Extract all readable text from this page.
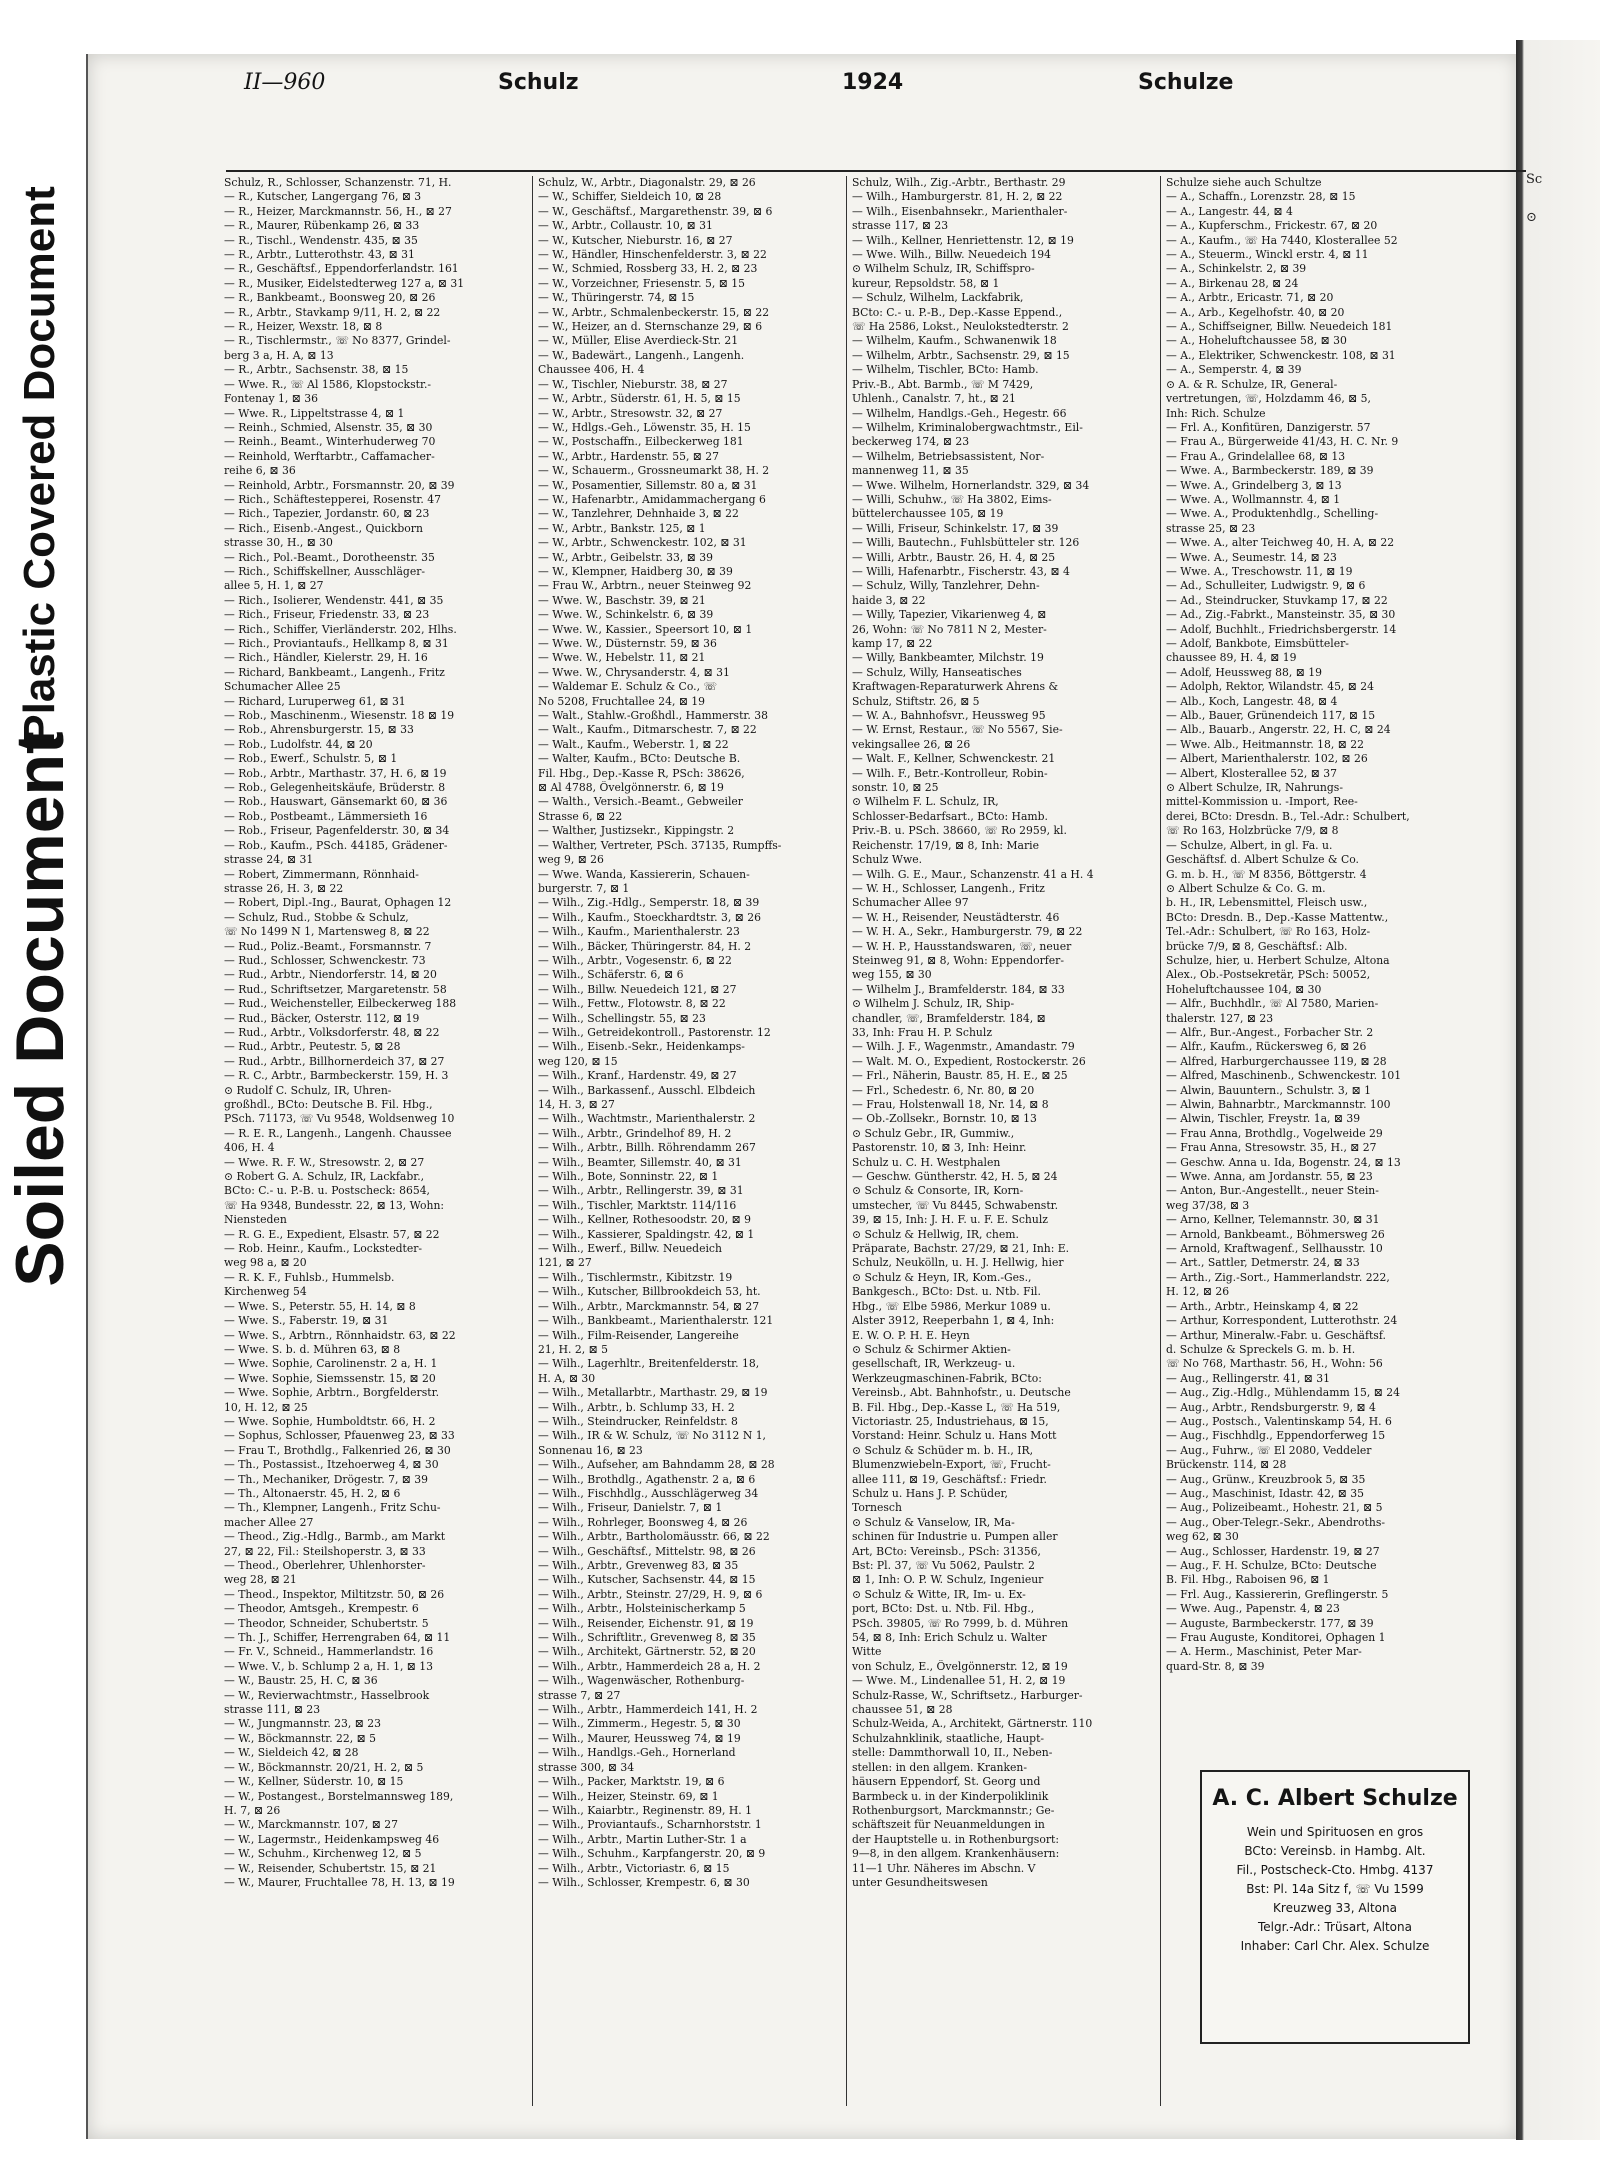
Plastic Covered Document
Soiled Document
Sc
⊙
II—960	Schulz	1924	Schulze
Schulz, R., Schlosser, Schanzenstr. 71, H.
— R., Kutscher, Langergang 76, ⊠ 3
— R., Heizer, Marckmannstr. 56, H., ⊠ 27
— R., Maurer, Rübenkamp 26, ⊠ 33
— R., Tischl., Wendenstr. 435, ⊠ 35
— R., Arbtr., Lutterothstr. 43, ⊠ 31
— R., Geschäftsf., Eppendorferlandstr. 161
— R., Musiker, Eidelstedterweg 127 a, ⊠ 31
— R., Bankbeamt., Boonsweg 20, ⊠ 26
— R., Arbtr., Stavkamp 9/11, H. 2, ⊠ 22
— R., Heizer, Wexstr. 18, ⊠ 8
— R., Tischlermstr., ☏ No 8377, Grindel-
berg 3 a, H. A, ⊠ 13
— R., Arbtr., Sachsenstr. 38, ⊠ 15
— Wwe. R., ☏ Al 1586, Klopstockstr.-
Fontenay 1, ⊠ 36
— Wwe. R., Lippeltstrasse 4, ⊠ 1
— Reinh., Schmied, Alsenstr. 35, ⊠ 30
— Reinh., Beamt., Winterhuderweg 70
— Reinhold, Werftarbtr., Caffamacher-
reihe 6, ⊠ 36
— Reinhold, Arbtr., Forsmannstr. 20, ⊠ 39
— Rich., Schäftestepperei, Rosenstr. 47
— Rich., Tapezier, Jordanstr. 60, ⊠ 23
— Rich., Eisenb.-Angest., Quickborn
strasse 30, H., ⊠ 30
— Rich., Pol.-Beamt., Dorotheenstr. 35
— Rich., Schiffskellner, Ausschläger-
allee 5, H. 1, ⊠ 27
— Rich., Isolierer, Wendenstr. 441, ⊠ 35
— Rich., Friseur, Friedenstr. 33, ⊠ 23
— Rich., Schiffer, Vierländerstr. 202, Hlhs.
— Rich., Proviantaufs., Hellkamp 8, ⊠ 31
— Rich., Händler, Kielerstr. 29, H. 16
— Richard, Bankbeamt., Langenh., Fritz
Schumacher Allee 25
— Richard, Luruperweg 61, ⊠ 31
— Rob., Maschinenm., Wiesenstr. 18 ⊠ 19
— Rob., Ahrensburgerstr. 15, ⊠ 33
— Rob., Ludolfstr. 44, ⊠ 20
— Rob., Ewerf., Schulstr. 5, ⊠ 1
— Rob., Arbtr., Marthastr. 37, H. 6, ⊠ 19
— Rob., Gelegenheitskäufe, Brüderstr. 8
— Rob., Hauswart, Gänsemarkt 60, ⊠ 36
— Rob., Postbeamt., Lämmersieth 16
— Rob., Friseur, Pagenfelderstr. 30, ⊠ 34
— Rob., Kaufm., PSch. 44185, Grädener-
strasse 24, ⊠ 31
— Robert, Zimmermann, Rönnhaid-
strasse 26, H. 3, ⊠ 22
— Robert, Dipl.-Ing., Baurat, Ophagen 12
— Schulz, Rud., Stobbe & Schulz,
☏ No 1499 N 1, Martensweg 8, ⊠ 22
— Rud., Poliz.-Beamt., Forsmannstr. 7
— Rud., Schlosser, Schwenckestr. 73
— Rud., Arbtr., Niendorferstr. 14, ⊠ 20
— Rud., Schriftsetzer, Margaretenstr. 58
— Rud., Weichensteller, Eilbeckerweg 188
— Rud., Bäcker, Osterstr. 112, ⊠ 19
— Rud., Arbtr., Volksdorferstr. 48, ⊠ 22
— Rud., Arbtr., Peutestr. 5, ⊠ 28
— Rud., Arbtr., Billhornerdeich 37, ⊠ 27
— R. C., Arbtr., Barmbeckerstr. 159, H. 3
⊙ Rudolf C. Schulz, IR, Uhren-
großhdl., BCto: Deutsche B. Fil. Hbg.,
PSch. 71173, ☏ Vu 9548, Woldsenweg 10
— R. E. R., Langenh., Langenh. Chaussee
406, H. 4
— Wwe. R. F. W., Stresowstr. 2, ⊠ 27
⊙ Robert G. A. Schulz, IR, Lackfabr.,
BCto: C.- u. P.-B. u. Postscheck: 8654,
☏ Ha 9348, Bundesstr. 22, ⊠ 13, Wohn:
Niensteden
— R. G. E., Expedient, Elsastr. 57, ⊠ 22
— Rob. Heinr., Kaufm., Lockstedter-
weg 98 a, ⊠ 20
— R. K. F., Fuhlsb., Hummelsb.
Kirchenweg 54
— Wwe. S., Peterstr. 55, H. 14, ⊠ 8
— Wwe. S., Faberstr. 19, ⊠ 31
— Wwe. S., Arbtrn., Rönnhaidstr. 63, ⊠ 22
— Wwe. S. b. d. Mühren 63, ⊠ 8
— Wwe. Sophie, Carolinenstr. 2 a, H. 1
— Wwe. Sophie, Siemssenstr. 15, ⊠ 20
— Wwe. Sophie, Arbtrn., Borgfelderstr.
10, H. 12, ⊠ 25
— Wwe. Sophie, Humboldtstr. 66, H. 2
— Sophus, Schlosser, Pfauenweg 23, ⊠ 33
— Frau T., Brothdlg., Falkenried 26, ⊠ 30
— Th., Postassist., Itzehoerweg 4, ⊠ 30
— Th., Mechaniker, Drögestr. 7, ⊠ 39
— Th., Altonaerstr. 45, H. 2, ⊠ 6
— Th., Klempner, Langenh., Fritz Schu-
macher Allee 27
— Theod., Zig.-Hdlg., Barmb., am Markt
27, ⊠ 22, Fil.: Steilshoperstr. 3, ⊠ 33
— Theod., Oberlehrer, Uhlenhorster-
weg 28, ⊠ 21
— Theod., Inspektor, Miltitzstr. 50, ⊠ 26
— Theodor, Amtsgeh., Krempestr. 6
— Theodor, Schneider, Schubertstr. 5
— Th. J., Schiffer, Herrengraben 64, ⊠ 11
— Fr. V., Schneid., Hammerlandstr. 16
— Wwe. V., b. Schlump 2 a, H. 1, ⊠ 13
— W., Baustr. 25, H. C, ⊠ 36
— W., Revierwachtmstr., Hasselbrook
strasse 111, ⊠ 23
— W., Jungmannstr. 23, ⊠ 23
— W., Böckmannstr. 22, ⊠ 5
— W., Sieldeich 42, ⊠ 28
— W., Böckmannstr. 20/21, H. 2, ⊠ 5
— W., Kellner, Süderstr. 10, ⊠ 15
— W., Postangest., Borstelmannsweg 189,
H. 7, ⊠ 26
— W., Marckmannstr. 107, ⊠ 27
— W., Lagermstr., Heidenkampsweg 46
— W., Schuhm., Kirchenweg 12, ⊠ 5
— W., Reisender, Schubertstr. 15, ⊠ 21
— W., Maurer, Fruchtallee 78, H. 13, ⊠ 19
Schulz, W., Arbtr., Diagonalstr. 29, ⊠ 26
— W., Schiffer, Sieldeich 10, ⊠ 28
— W., Geschäftsf., Margarethenstr. 39, ⊠ 6
— W., Arbtr., Collaustr. 10, ⊠ 31
— W., Kutscher, Nieburstr. 16, ⊠ 27
— W., Händler, Hinschenfelderstr. 3, ⊠ 22
— W., Schmied, Rossberg 33, H. 2, ⊠ 23
— W., Vorzeichner, Friesenstr. 5, ⊠ 15
— W., Thüringerstr. 74, ⊠ 15
— W., Arbtr., Schmalenbeckerstr. 15, ⊠ 22
— W., Heizer, an d. Sternschanze 29, ⊠ 6
— W., Müller, Elise Averdieck-Str. 21
— W., Badewärt., Langenh., Langenh.
Chaussee 406, H. 4
— W., Tischler, Nieburstr. 38, ⊠ 27
— W., Arbtr., Süderstr. 61, H. 5, ⊠ 15
— W., Arbtr., Stresowstr. 32, ⊠ 27
— W., Hdlgs.-Geh., Löwenstr. 35, H. 15
— W., Postschaffn., Eilbeckerweg 181
— W., Arbtr., Hardenstr. 55, ⊠ 27
— W., Schauerm., Grossneumarkt 38, H. 2
— W., Posamentier, Sillemstr. 80 a, ⊠ 31
— W., Hafenarbtr., Amidammachergang 6
— W., Tanzlehrer, Dehnhaide 3, ⊠ 22
— W., Arbtr., Bankstr. 125, ⊠ 1
— W., Arbtr., Schwenckestr. 102, ⊠ 31
— W., Arbtr., Geibelstr. 33, ⊠ 39
— W., Klempner, Haidberg 30, ⊠ 39
— Frau W., Arbtrn., neuer Steinweg 92
— Wwe. W., Baschstr. 39, ⊠ 21
— Wwe. W., Schinkelstr. 6, ⊠ 39
— Wwe. W., Kassier., Speersort 10, ⊠ 1
— Wwe. W., Düsternstr. 59, ⊠ 36
— Wwe. W., Hebelstr. 11, ⊠ 21
— Wwe. W., Chrysanderstr. 4, ⊠ 31
— Waldemar E. Schulz & Co., ☏
No 5208, Fruchtallee 24, ⊠ 19
— Walt., Stahlw.-Großhdl., Hammerstr. 38
— Walt., Kaufm., Ditmarschestr. 7, ⊠ 22
— Walt., Kaufm., Weberstr. 1, ⊠ 22
— Walter, Kaufm., BCto: Deutsche B.
Fil. Hbg., Dep.-Kasse R, PSch: 38626,
⊠ Al 4788, Övelgönnerstr. 6, ⊠ 19
— Walth., Versich.-Beamt., Gebweiler
Strasse 6, ⊠ 22
— Walther, Justizsekr., Kippingstr. 2
— Walther, Vertreter, PSch. 37135, Rumpffs-
weg 9, ⊠ 26
— Wwe. Wanda, Kassiererin, Schauen-
burgerstr. 7, ⊠ 1
— Wilh., Zig.-Hdlg., Semperstr. 18, ⊠ 39
— Wilh., Kaufm., Stoeckhardtstr. 3, ⊠ 26
— Wilh., Kaufm., Marienthalerstr. 23
— Wilh., Bäcker, Thüringerstr. 84, H. 2
— Wilh., Arbtr., Vogesenstr. 6, ⊠ 22
— Wilh., Schäferstr. 6, ⊠ 6
— Wilh., Billw. Neuedeich 121, ⊠ 27
— Wilh., Fettw., Flotowstr. 8, ⊠ 22
— Wilh., Schellingstr. 55, ⊠ 23
— Wilh., Getreidekontroll., Pastorenstr. 12
— Wilh., Eisenb.-Sekr., Heidenkamps-
weg 120, ⊠ 15
— Wilh., Kranf., Hardenstr. 49, ⊠ 27
— Wilh., Barkassenf., Ausschl. Elbdeich
14, H. 3, ⊠ 27
— Wilh., Wachtmstr., Marienthalerstr. 2
— Wilh., Arbtr., Grindelhof 89, H. 2
— Wilh., Arbtr., Billh. Röhrendamm 267
— Wilh., Beamter, Sillemstr. 40, ⊠ 31
— Wilh., Bote, Sonninstr. 22, ⊠ 1
— Wilh., Arbtr., Rellingerstr. 39, ⊠ 31
— Wilh., Tischler, Marktstr. 114/116
— Wilh., Kellner, Rothesoodstr. 20, ⊠ 9
— Wilh., Kassierer, Spaldingstr. 42, ⊠ 1
— Wilh., Ewerf., Billw. Neuedeich
121, ⊠ 27
— Wilh., Tischlermstr., Kibitzstr. 19
— Wilh., Kutscher, Billbrookdeich 53, ht.
— Wilh., Arbtr., Marckmannstr. 54, ⊠ 27
— Wilh., Bankbeamt., Marienthalerstr. 121
— Wilh., Film-Reisender, Langereihe
21, H. 2, ⊠ 5
— Wilh., Lagerhltr., Breitenfelderstr. 18,
H. A, ⊠ 30
— Wilh., Metallarbtr., Marthastr. 29, ⊠ 19
— Wilh., Arbtr., b. Schlump 33, H. 2
— Wilh., Steindrucker, Reinfeldstr. 8
— Wilh., IR & W. Schulz, ☏ No 3112 N 1,
Sonnenau 16, ⊠ 23
— Wilh., Aufseher, am Bahndamm 28, ⊠ 28
— Wilh., Brothdlg., Agathenstr. 2 a, ⊠ 6
— Wilh., Fischhdlg., Ausschlägerweg 34
— Wilh., Friseur, Danielstr. 7, ⊠ 1
— Wilh., Rohrleger, Boonsweg 4, ⊠ 26
— Wilh., Arbtr., Bartholomäusstr. 66, ⊠ 22
— Wilh., Geschäftsf., Mittelstr. 98, ⊠ 26
— Wilh., Arbtr., Grevenweg 83, ⊠ 35
— Wilh., Kutscher, Sachsenstr. 44, ⊠ 15
— Wilh., Arbtr., Steinstr. 27/29, H. 9, ⊠ 6
— Wilh., Arbtr., Holsteinischerkamp 5
— Wilh., Reisender, Eichenstr. 91, ⊠ 19
— Wilh., Schriftlitr., Grevenweg 8, ⊠ 35
— Wilh., Architekt, Gärtnerstr. 52, ⊠ 20
— Wilh., Arbtr., Hammerdeich 28 a, H. 2
— Wilh., Wagenwäscher, Rothenburg-
strasse 7, ⊠ 27
— Wilh., Arbtr., Hammerdeich 141, H. 2
— Wilh., Zimmerm., Hegestr. 5, ⊠ 30
— Wilh., Maurer, Heussweg 74, ⊠ 19
— Wilh., Handlgs.-Geh., Hornerland
strasse 300, ⊠ 34
— Wilh., Packer, Marktstr. 19, ⊠ 6
— Wilh., Heizer, Steinstr. 69, ⊠ 1
— Wilh., Kaiarbtr., Reginenstr. 89, H. 1
— Wilh., Proviantaufs., Scharnhorststr. 1
— Wilh., Arbtr., Martin Luther-Str. 1 a
— Wilh., Schuhm., Karpfangerstr. 20, ⊠ 9
— Wilh., Arbtr., Victoriastr. 6, ⊠ 15
— Wilh., Schlosser, Krempestr. 6, ⊠ 30
Schulz, Wilh., Zig.-Arbtr., Berthastr. 29
— Wilh., Hamburgerstr. 81, H. 2, ⊠ 22
— Wilh., Eisenbahnsekr., Marienthaler-
strasse 117, ⊠ 23
— Wilh., Kellner, Henriettenstr. 12, ⊠ 19
— Wwe. Wilh., Billw. Neuedeich 194
⊙ Wilhelm Schulz, IR, Schiffspro-
kureur, Repsoldstr. 58, ⊠ 1
— Schulz, Wilhelm, Lackfabrik,
BCto: C.- u. P.-B., Dep.-Kasse Eppend.,
☏ Ha 2586, Lokst., Neulokstedterstr. 2
— Wilhelm, Kaufm., Schwanenwik 18
— Wilhelm, Arbtr., Sachsenstr. 29, ⊠ 15
— Wilhelm, Tischler, BCto: Hamb.
Priv.-B., Abt. Barmb., ☏ M 7429,
Uhlenh., Canalstr. 7, ht., ⊠ 21
— Wilhelm, Handlgs.-Geh., Hegestr. 66
— Wilhelm, Kriminalobergwachtmstr., Eil-
beckerweg 174, ⊠ 23
— Wilhelm, Betriebsassistent, Nor-
mannenweg 11, ⊠ 35
— Wwe. Wilhelm, Hornerlandstr. 329, ⊠ 34
— Willi, Schuhw., ☏ Ha 3802, Eims-
büttelerchaussee 105, ⊠ 19
— Willi, Friseur, Schinkelstr. 17, ⊠ 39
— Willi, Bautechn., Fuhlsbütteler str. 126
— Willi, Arbtr., Baustr. 26, H. 4, ⊠ 25
— Willi, Hafenarbtr., Fischerstr. 43, ⊠ 4
— Schulz, Willy, Tanzlehrer, Dehn-
haide 3, ⊠ 22
— Willy, Tapezier, Vikarienweg 4, ⊠
26, Wohn: ☏ No 7811 N 2, Mester-
kamp 17, ⊠ 22
— Willy, Bankbeamter, Milchstr. 19
— Schulz, Willy, Hanseatisches
Kraftwagen-Reparaturwerk Ahrens &
Schulz, Stiftstr. 26, ⊠ 5
— W. A., Bahnhofsvr., Heussweg 95
— W. Ernst, Restaur., ☏ No 5567, Sie-
vekingsallee 26, ⊠ 26
— Walt. F., Kellner, Schwenckestr. 21
— Wilh. F., Betr.-Kontrolleur, Robin-
sonstr. 10, ⊠ 25
⊙ Wilhelm F. L. Schulz, IR,
Schlosser-Bedarfsart., BCto: Hamb.
Priv.-B. u. PSch. 38660, ☏ Ro 2959, kl.
Reichenstr. 17/19, ⊠ 8, Inh: Marie
Schulz Wwe.
— Wilh. G. E., Maur., Schanzenstr. 41 a H. 4
— W. H., Schlosser, Langenh., Fritz
Schumacher Allee 97
— W. H., Reisender, Neustädterstr. 46
— W. H. A., Sekr., Hamburgerstr. 79, ⊠ 22
— W. H. P., Hausstandswaren, ☏, neuer
Steinweg 91, ⊠ 8, Wohn: Eppendorfer-
weg 155, ⊠ 30
— Wilhelm J., Bramfelderstr. 184, ⊠ 33
⊙ Wilhelm J. Schulz, IR, Ship-
chandler, ☏, Bramfelderstr. 184, ⊠
33, Inh: Frau H. P. Schulz
— Wilh. J. F., Wagenmstr., Amandastr. 79
— Walt. M. O., Expedient, Rostockerstr. 26
— Frl., Näherin, Baustr. 85, H. E., ⊠ 25
— Frl., Schedestr. 6, Nr. 80, ⊠ 20
— Frau, Holstenwall 18, Nr. 14, ⊠ 8
— Ob.-Zollsekr., Bornstr. 10, ⊠ 13
⊙ Schulz Gebr., IR, Gummiw.,
Pastorenstr. 10, ⊠ 3, Inh: Heinr.
Schulz u. C. H. Westphalen
— Geschw. Güntherstr. 42, H. 5, ⊠ 24
⊙ Schulz & Consorte, IR, Korn-
umstecher, ☏ Vu 8445, Schwabenstr.
39, ⊠ 15, Inh: J. H. F. u. F. E. Schulz
⊙ Schulz & Hellwig, IR, chem.
Präparate, Bachstr. 27/29, ⊠ 21, Inh: E.
Schulz, Neukölln, u. H. J. Hellwig, hier
⊙ Schulz & Heyn, IR, Kom.-Ges.,
Bankgesch., BCto: Dst. u. Ntb. Fil.
Hbg., ☏ Elbe 5986, Merkur 1089 u.
Alster 3912, Reeperbahn 1, ⊠ 4, Inh:
E. W. O. P. H. E. Heyn
⊙ Schulz & Schirmer Aktien-
gesellschaft, IR, Werkzeug- u.
Werkzeugmaschinen-Fabrik, BCto:
Vereinsb., Abt. Bahnhofstr., u. Deutsche
B. Fil. Hbg., Dep.-Kasse L, ☏ Ha 519,
Victoriastr. 25, Industriehaus, ⊠ 15,
Vorstand: Heinr. Schulz u. Hans Mott
⊙ Schulz & Schüder m. b. H., IR,
Blumenzwiebeln-Export, ☏, Frucht-
allee 111, ⊠ 19, Geschäftsf.: Friedr.
Schulz u. Hans J. P. Schüder,
Tornesch
⊙ Schulz & Vanselow, IR, Ma-
schinen für Industrie u. Pumpen aller
Art, BCto: Vereinsb., PSch: 31356,
Bst: Pl. 37, ☏ Vu 5062, Paulstr. 2
⊠ 1, Inh: O. P. W. Schulz, Ingenieur
⊙ Schulz & Witte, IR, Im- u. Ex-
port, BCto: Dst. u. Ntb. Fil. Hbg.,
PSch. 39805, ☏ Ro 7999, b. d. Mühren
54, ⊠ 8, Inh: Erich Schulz u. Walter
Witte
von Schulz, E., Övelgönnerstr. 12, ⊠ 19
— Wwe. M., Lindenallee 51, H. 2, ⊠ 19
Schulz-Rasse, W., Schriftsetz., Harburger-
chaussee 51, ⊠ 28
Schulz-Weida, A., Architekt, Gärtnerstr. 110
Schulzahnklinik, staatliche, Haupt-
stelle: Dammthorwall 10, II., Neben-
stellen: in den allgem. Kranken-
häusern Eppendorf, St. Georg und
Barmbeck u. in der Kinderpoliklinik
Rothenburgsort, Marckmannstr.; Ge-
schäftszeit für Neuanmeldungen in
der Hauptstelle u. in Rothenburgsort:
9—8, in den allgem. Krankenhäusern:
11—1 Uhr. Näheres im Abschn. V
unter Gesundheitswesen
Schulze siehe auch Schultze
— A., Schaffn., Lorenzstr. 28, ⊠ 15
— A., Langestr. 44, ⊠ 4
— A., Kupferschm., Frickestr. 67, ⊠ 20
— A., Kaufm., ☏ Ha 7440, Klosterallee 52
— A., Steuerm., Winckl erstr. 4, ⊠ 11
— A., Schinkelstr. 2, ⊠ 39
— A., Birkenau 28, ⊠ 24
— A., Arbtr., Ericastr. 71, ⊠ 20
— A., Arb., Kegelhofstr. 40, ⊠ 20
— A., Schiffseigner, Billw. Neuedeich 181
— A., Hoheluftchaussee 58, ⊠ 30
— A., Elektriker, Schwenckestr. 108, ⊠ 31
— A., Semperstr. 4, ⊠ 39
⊙ A. & R. Schulze, IR, General-
vertretungen, ☏, Holzdamm 46, ⊠ 5,
Inh: Rich. Schulze
— Frl. A., Konfitüren, Danzigerstr. 57
— Frau A., Bürgerweide 41/43, H. C. Nr. 9
— Frau A., Grindelallee 68, ⊠ 13
— Wwe. A., Barmbeckerstr. 189, ⊠ 39
— Wwe. A., Grindelberg 3, ⊠ 13
— Wwe. A., Wollmannstr. 4, ⊠ 1
— Wwe. A., Produktenhdlg., Schelling-
strasse 25, ⊠ 23
— Wwe. A., alter Teichweg 40, H. A, ⊠ 22
— Wwe. A., Seumestr. 14, ⊠ 23
— Wwe. A., Treschowstr. 11, ⊠ 19
— Ad., Schulleiter, Ludwigstr. 9, ⊠ 6
— Ad., Steindrucker, Stuvkamp 17, ⊠ 22
— Ad., Zig.-Fabrkt., Mansteinstr. 35, ⊠ 30
— Adolf, Buchhlt., Friedrichsbergerstr. 14
— Adolf, Bankbote, Eimsbütteler-
chaussee 89, H. 4, ⊠ 19
— Adolf, Heussweg 88, ⊠ 19
— Adolph, Rektor, Wilandstr. 45, ⊠ 24
— Alb., Koch, Langestr. 48, ⊠ 4
— Alb., Bauer, Grünendeich 117, ⊠ 15
— Alb., Bauarb., Angerstr. 22, H. C, ⊠ 24
— Wwe. Alb., Heitmannstr. 18, ⊠ 22
— Albert, Marienthalerstr. 102, ⊠ 26
— Albert, Klosterallee 52, ⊠ 37
⊙ Albert Schulze, IR, Nahrungs-
mittel-Kommission u. -Import, Ree-
derei, BCto: Dresdn. B., Tel.-Adr.: Schulbert,
☏ Ro 163, Holzbrücke 7/9, ⊠ 8
— Schulze, Albert, in gl. Fa. u.
Geschäftsf. d. Albert Schulze & Co.
G. m. b. H., ☏ M 8356, Böttgerstr. 4
⊙ Albert Schulze & Co. G. m.
b. H., IR, Lebensmittel, Fleisch usw.,
BCto: Dresdn. B., Dep.-Kasse Mattentw.,
Tel.-Adr.: Schulbert, ☏ Ro 163, Holz-
brücke 7/9, ⊠ 8, Geschäftsf.: Alb.
Schulze, hier, u. Herbert Schulze, Altona
Alex., Ob.-Postsekretär, PSch: 50052,
Hoheluftchaussee 104, ⊠ 30
— Alfr., Buchhdlr., ☏ Al 7580, Marien-
thalerstr. 127, ⊠ 23
— Alfr., Bur.-Angest., Forbacher Str. 2
— Alfr., Kaufm., Rückersweg 6, ⊠ 26
— Alfred, Harburgerchaussee 119, ⊠ 28
— Alfred, Maschinenb., Schwenckestr. 101
— Alwin, Bauuntern., Schulstr. 3, ⊠ 1
— Alwin, Bahnarbtr., Marckmannstr. 100
— Alwin, Tischler, Freystr. 1a, ⊠ 39
— Frau Anna, Brothdlg., Vogelweide 29
— Frau Anna, Stresowstr. 35, H., ⊠ 27
— Geschw. Anna u. Ida, Bogenstr. 24, ⊠ 13
— Wwe. Anna, am Jordanstr. 55, ⊠ 23
— Anton, Bur.-Angestellt., neuer Stein-
weg 37/38, ⊠ 3
— Arno, Kellner, Telemannstr. 30, ⊠ 31
— Arnold, Bankbeamt., Böhmersweg 26
— Arnold, Kraftwagenf., Sellhausstr. 10
— Art., Sattler, Detmerstr. 24, ⊠ 33
— Arth., Zig.-Sort., Hammerlandstr. 222,
H. 12, ⊠ 26
— Arth., Arbtr., Heinskamp 4, ⊠ 22
— Arthur, Korrespondent, Lutterothstr. 24
— Arthur, Mineralw.-Fabr. u. Geschäftsf.
d. Schulze & Spreckels G. m. b. H.
☏ No 768, Marthastr. 56, H., Wohn: 56
— Aug., Rellingerstr. 41, ⊠ 31
— Aug., Zig.-Hdlg., Mühlendamm 15, ⊠ 24
— Aug., Arbtr., Rendsburgerstr. 9, ⊠ 4
— Aug., Postsch., Valentinskamp 54, H. 6
— Aug., Fischhdlg., Eppendorferweg 15
— Aug., Fuhrw., ☏ El 2080, Veddeler
Brückenstr. 114, ⊠ 28
— Aug., Grünw., Kreuzbrook 5, ⊠ 35
— Aug., Maschinist, Idastr. 42, ⊠ 35
— Aug., Polizeibeamt., Hohestr. 21, ⊠ 5
— Aug., Ober-Telegr.-Sekr., Abendroths-
weg 62, ⊠ 30
— Aug., Schlosser, Hardenstr. 19, ⊠ 27
— Aug., F. H. Schulze, BCto: Deutsche
B. Fil. Hbg., Raboisen 96, ⊠ 1
— Frl. Aug., Kassiererin, Greflingerstr. 5
— Wwe. Aug., Papenstr. 4, ⊠ 23
— Auguste, Barmbeckerstr. 177, ⊠ 39
— Frau Auguste, Konditorei, Ophagen 1
— A. Herm., Maschinist, Peter Mar-
quard-Str. 8, ⊠ 39
A. C. Albert Schulze
Wein und Spirituosen en gros
BCto: Vereinsb. in Hambg. Alt.
Fil., Postscheck-Cto. Hmbg. 4137
Bst: Pl. 14a Sitz f, ☏ Vu 1599
Kreuzweg 33, Altona
Telgr.-Adr.: Trüsart, Altona
Inhaber: Carl Chr. Alex. Schulze
